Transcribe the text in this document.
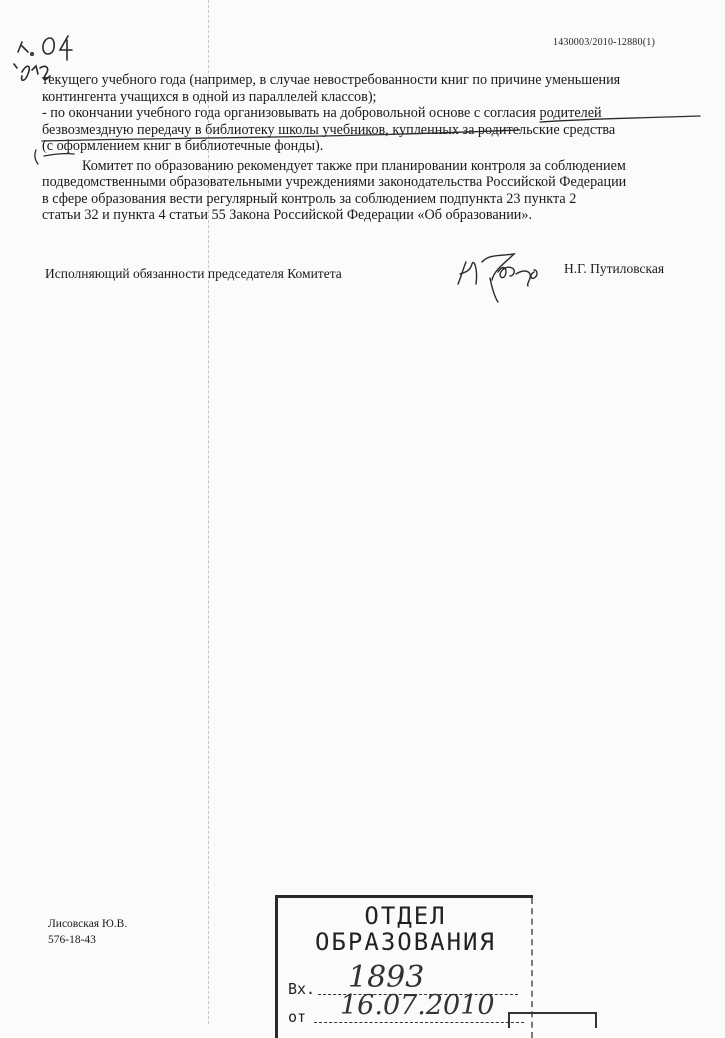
1430003/2010-12880(1)
текущего учебного года (например, в случае невостребованности книг по причине уменьшения
контингента учащихся в одной из параллелей классов);
- по окончании учебного года организовывать на добровольной основе с согласия родителей
безвозмездную передачу в библиотеку школы учебников, купленных за родительские средства
(с оформлением книг в библиотечные фонды).
Комитет по образованию рекомендует также при планировании контроля за соблюдением
подведомственными образовательными учреждениями законодательства Российской Федерации
в сфере образования вести регулярный контроль за соблюдением подпункта 23 пункта 2
статьи 32 и пункта 4 статьи 55 Закона Российской Федерации «Об образовании».
Исполняющий обязанности председателя Комитета	Н.Г. Путиловская
Лисовская Ю.В.
576-18-43
ОТДЕЛ
ОБРАЗОВАНИЯ
Вх. 1893
от 16.07.2010
